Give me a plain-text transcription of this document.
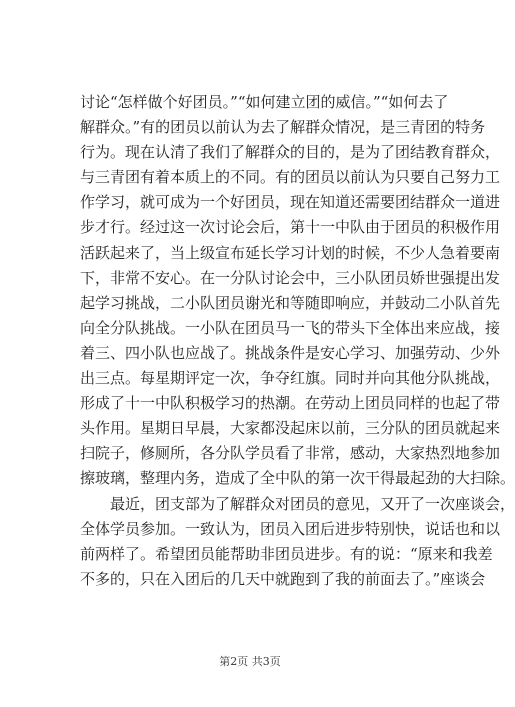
讨论“怎样做个好团员。”“如何建立团的威信。”“如何去了
解群众。”有的团员以前认为去了解群众情况，是三青团的特务
行为。现在认清了我们了解群众的目的，是为了团结教育群众，
与三青团有着本质上的不同。有的团员以前认为只要自己努力工
作学习，就可成为一个好团员，现在知道还需要团结群众一道进
步才行。经过这一次讨论会后，第十一中队由于团员的积极作用
活跃起来了，当上级宣布延长学习计划的时候，不少人急着要南
下，非常不安心。在一分队讨论会中，三小队团员娇世强提出发
起学习挑战，二小队团员谢光和等随即响应，并鼓动二小队首先
向全分队挑战。一小队在团员马一飞的带头下全体出来应战，接
着三、四小队也应战了。挑战条件是安心学习、加强劳动、少外
出三点。每星期评定一次，争夺红旗。同时并向其他分队挑战，
形成了十一中队积极学习的热潮。在劳动上团员同样的也起了带
头作用。星期日早晨，大家都没起床以前，三分队的团员就起来
扫院子，修厕所，各分队学员看了非常，感动，大家热烈地参加
擦玻璃，整理内务，造成了全中队的第一次干得最起劲的大扫除。
最近，团支部为了解群众对团员的意见，又开了一次座谈会，
全体学员参加。一致认为，团员入团后进步特别快，说话也和以
前两样了。希望团员能帮助非团员进步。有的说：“原来和我差
不多的，只在入团后的几天中就跑到了我的前面去了。”座谈会
第2页 共3页
